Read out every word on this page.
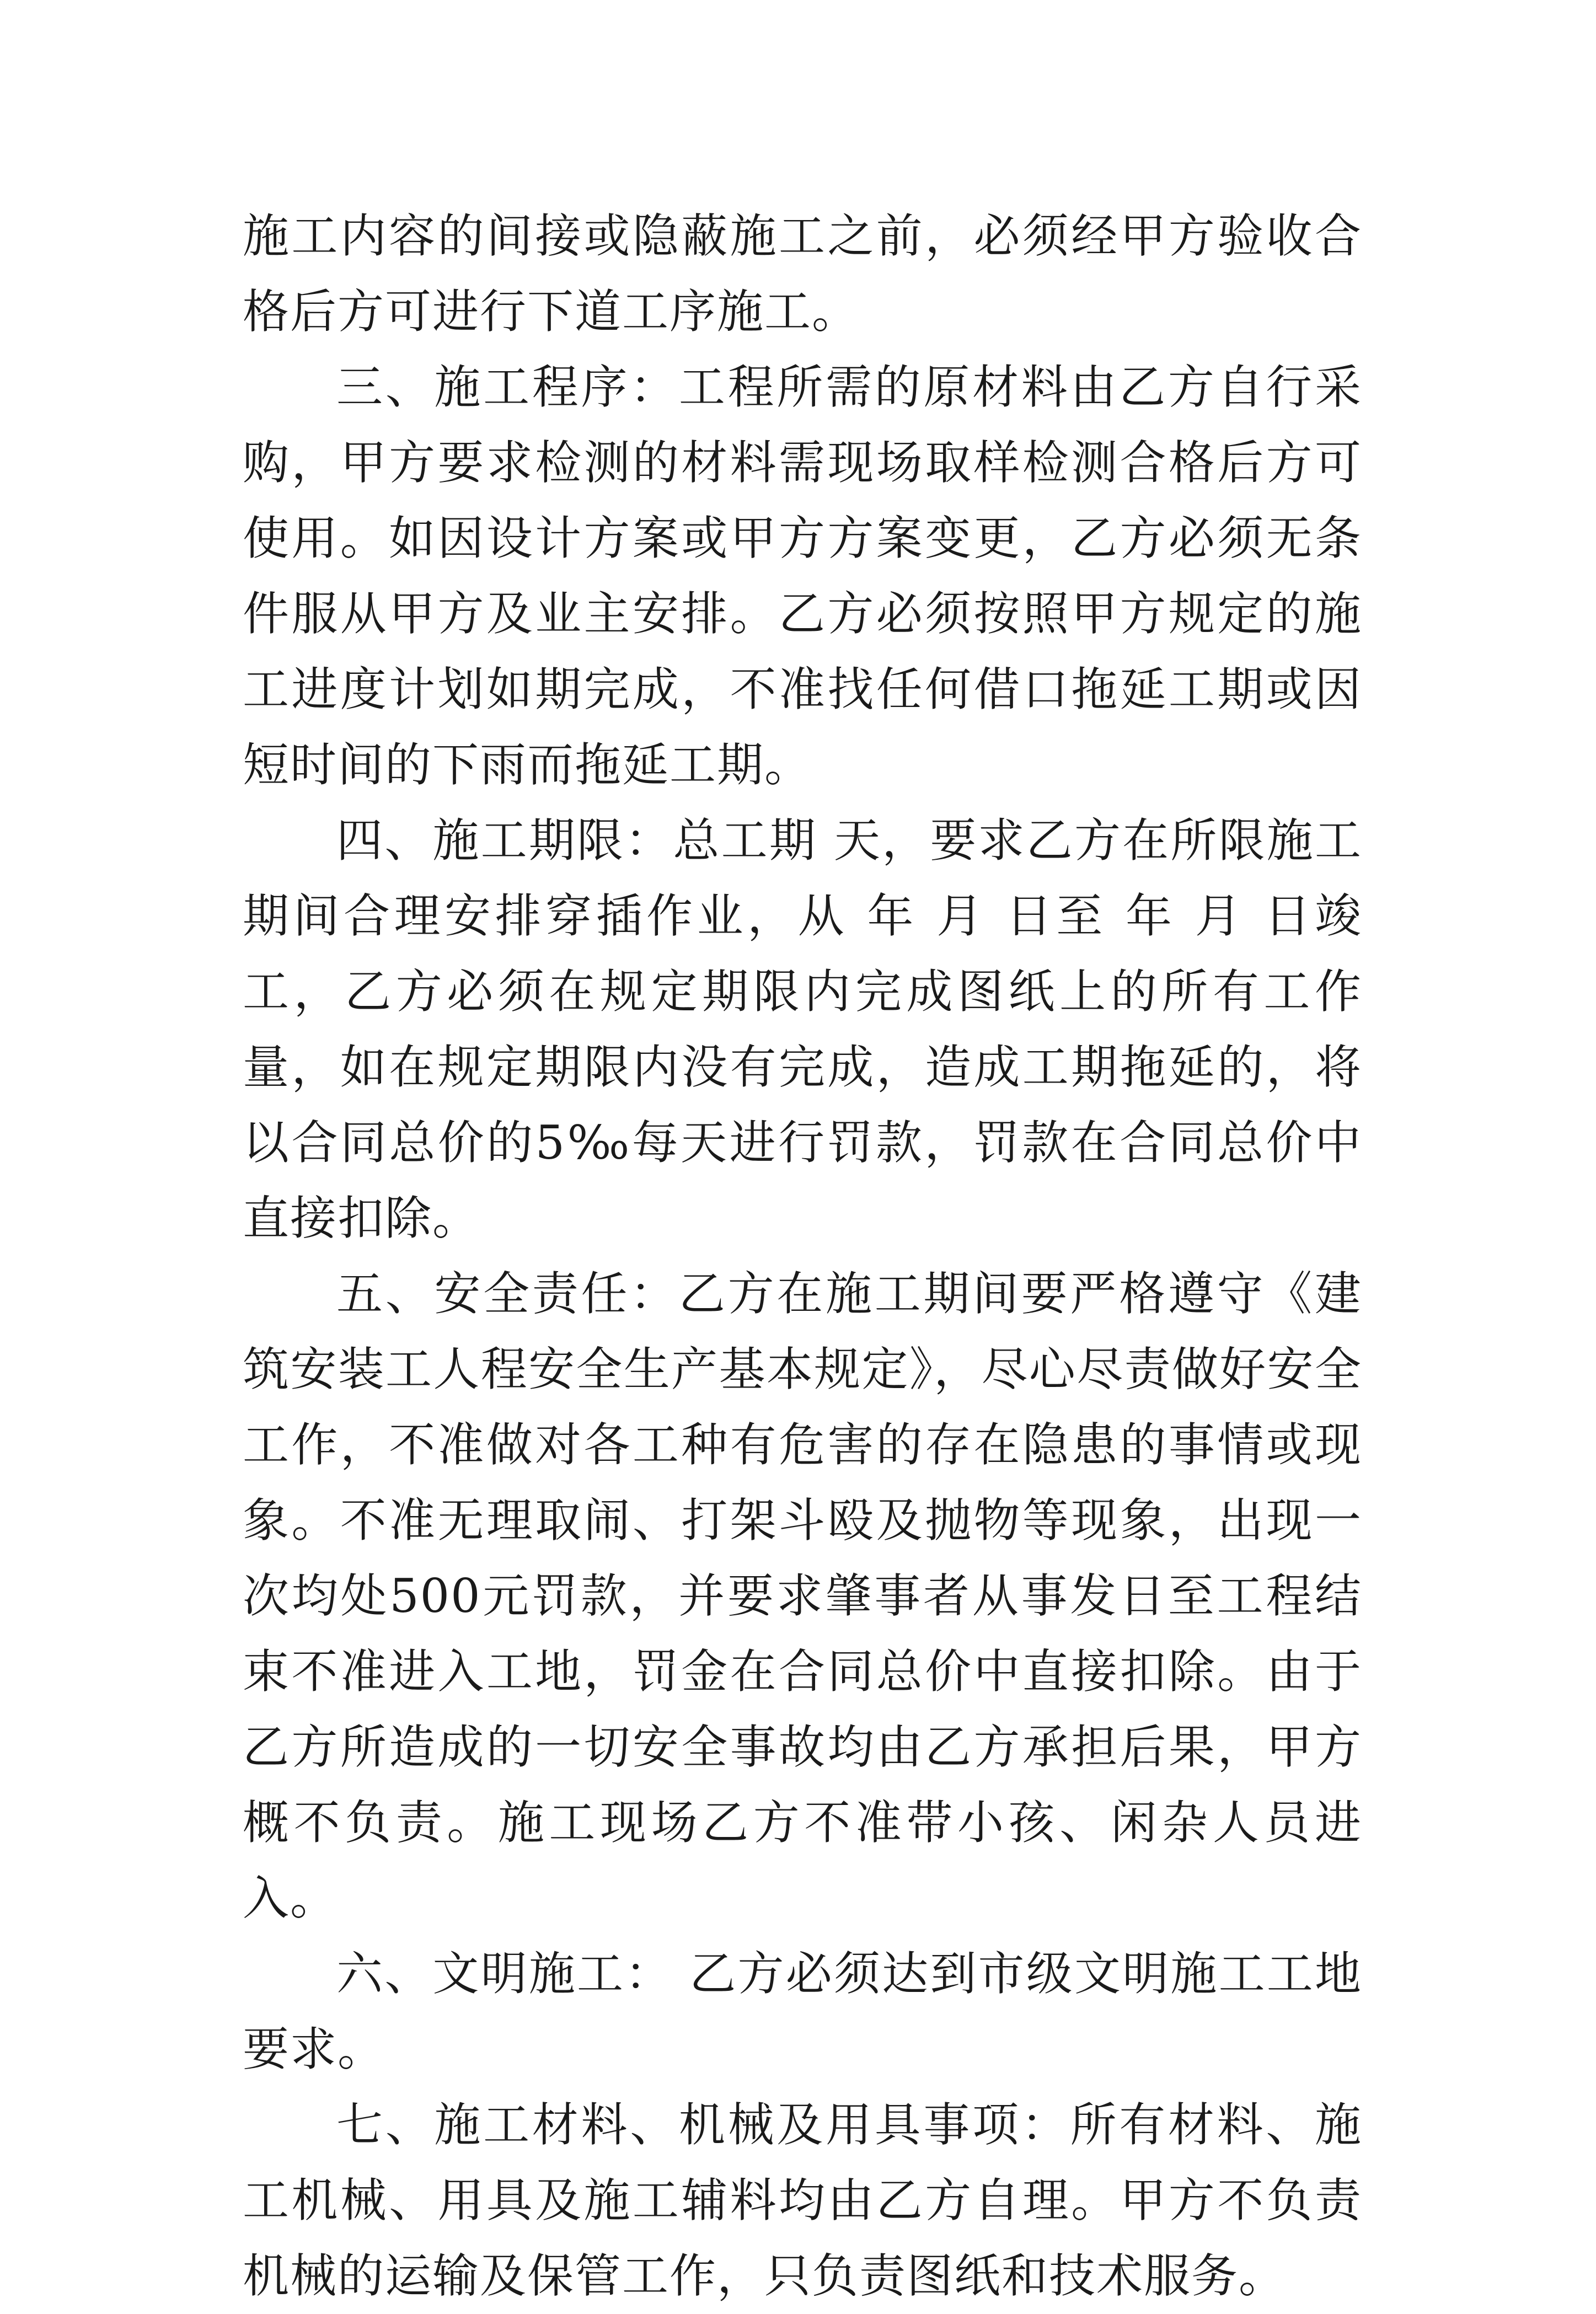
施工内容的间接或隐蔽施工之前，必须经甲方验收合格后方可进行下道工序施工。

三、施工程序：工程所需的原材料由乙方自行采购，甲方要求检测的材料需现场取样检测合格后方可使用。如因设计方案或甲方方案变更，乙方必须无条件服从甲方及业主安排。乙方必须按照甲方规定的施工进度计划如期完成，不准找任何借口拖延工期或因短时间的下雨而拖延工期。

四、施工期限：总工期 天，要求乙方在所限施工期间合理安排穿插作业，从 年 月 日至 年 月 日竣工，乙方必须在规定期限内完成图纸上的所有工作量，如在规定期限内没有完成，造成工期拖延的，将以合同总价的5‰每天进行罚款，罚款在合同总价中直接扣除。

五、安全责任：乙方在施工期间要严格遵守《建筑安装工人程安全生产基本规定》，尽心尽责做好安全工作，不准做对各工种有危害的存在隐患的事情或现象。不准无理取闹、打架斗殴及抛物等现象，出现一次均处500元罚款，并要求肇事者从事发日至工程结束不准进入工地，罚金在合同总价中直接扣除。由于乙方所造成的一切安全事故均由乙方承担后果，甲方概不负责。施工现场乙方不准带小孩、闲杂人员进入。

六、文明施工： 乙方必须达到市级文明施工工地要求。

七、施工材料、机械及用具事项：所有材料、施工机械、用具及施工辅料均由乙方自理。甲方不负责机械的运输及保管工作，只负责图纸和技术服务。
